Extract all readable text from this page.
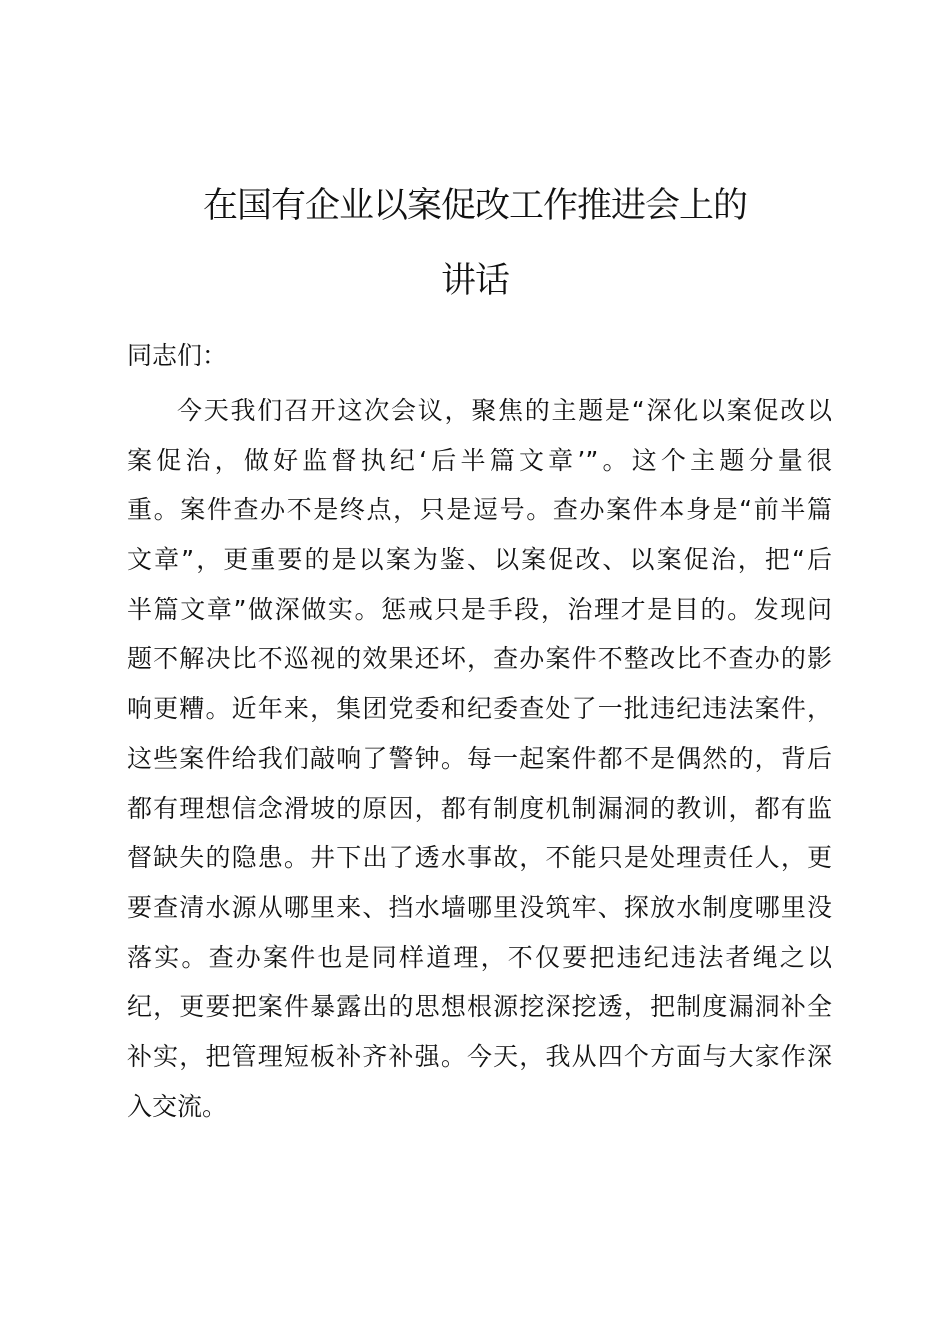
在国有企业以案促改工作推进会上的
讲话
同志们：
今天我们召开这次会议，聚焦的主题是“深化以案促改以
案促治，做好监督执纪‘后半篇文章’”。这个主题分量很
重。案件查办不是终点，只是逗号。查办案件本身是“前半篇
文章”，更重要的是以案为鉴、以案促改、以案促治，把“后
半篇文章”做深做实。惩戒只是手段，治理才是目的。发现问
题不解决比不巡视的效果还坏，查办案件不整改比不查办的影
响更糟。近年来，集团党委和纪委查处了一批违纪违法案件，
这些案件给我们敲响了警钟。每一起案件都不是偶然的，背后
都有理想信念滑坡的原因，都有制度机制漏洞的教训，都有监
督缺失的隐患。井下出了透水事故，不能只是处理责任人，更
要查清水源从哪里来、挡水墙哪里没筑牢、探放水制度哪里没
落实。查办案件也是同样道理，不仅要把违纪违法者绳之以
纪，更要把案件暴露出的思想根源挖深挖透，把制度漏洞补全
补实，把管理短板补齐补强。今天，我从四个方面与大家作深
入交流。
